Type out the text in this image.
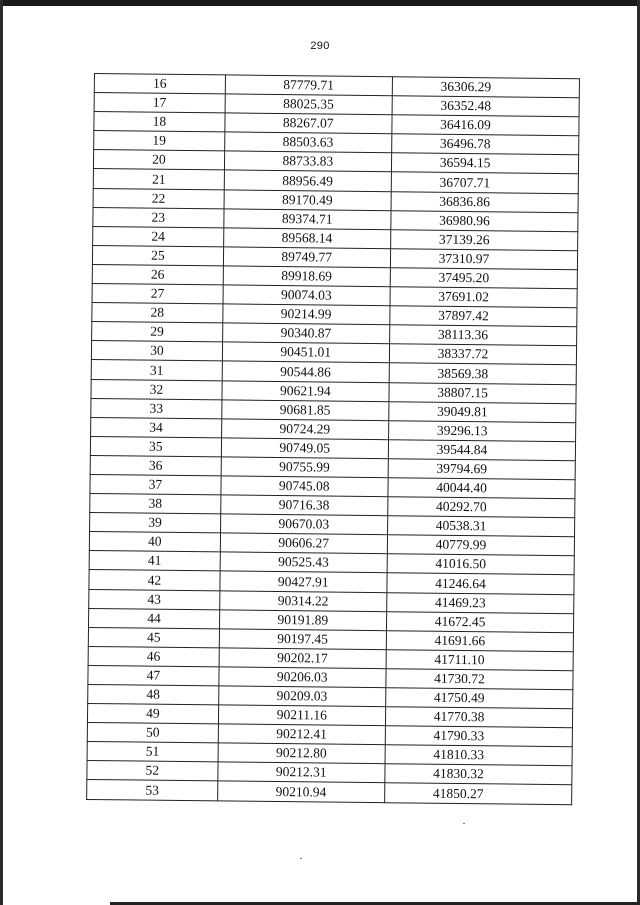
290
16	87779.71	36306.29
17	88025.35	36352.48
18	88267.07	36416.09
19	88503.63	36496.78
20	88733.83	36594.15
21	88956.49	36707.71
22	89170.49	36836.86
23	89374.71	36980.96
24	89568.14	37139.26
25	89749.77	37310.97
26	89918.69	37495.20
27	90074.03	37691.02
28	90214.99	37897.42
29	90340.87	38113.36
30	90451.01	38337.72
31	90544.86	38569.38
32	90621.94	38807.15
33	90681.85	39049.81
34	90724.29	39296.13
35	90749.05	39544.84
36	90755.99	39794.69
37	90745.08	40044.40
38	90716.38	40292.70
39	90670.03	40538.31
40	90606.27	40779.99
41	90525.43	41016.50
42	90427.91	41246.64
43	90314.22	41469.23
44	90191.89	41672.45
45	90197.45	41691.66
46	90202.17	41711.10
47	90206.03	41730.72
48	90209.03	41750.49
49	90211.16	41770.38
50	90212.41	41790.33
51	90212.80	41810.33
52	90212.31	41830.32
53	90210.94	41850.27
